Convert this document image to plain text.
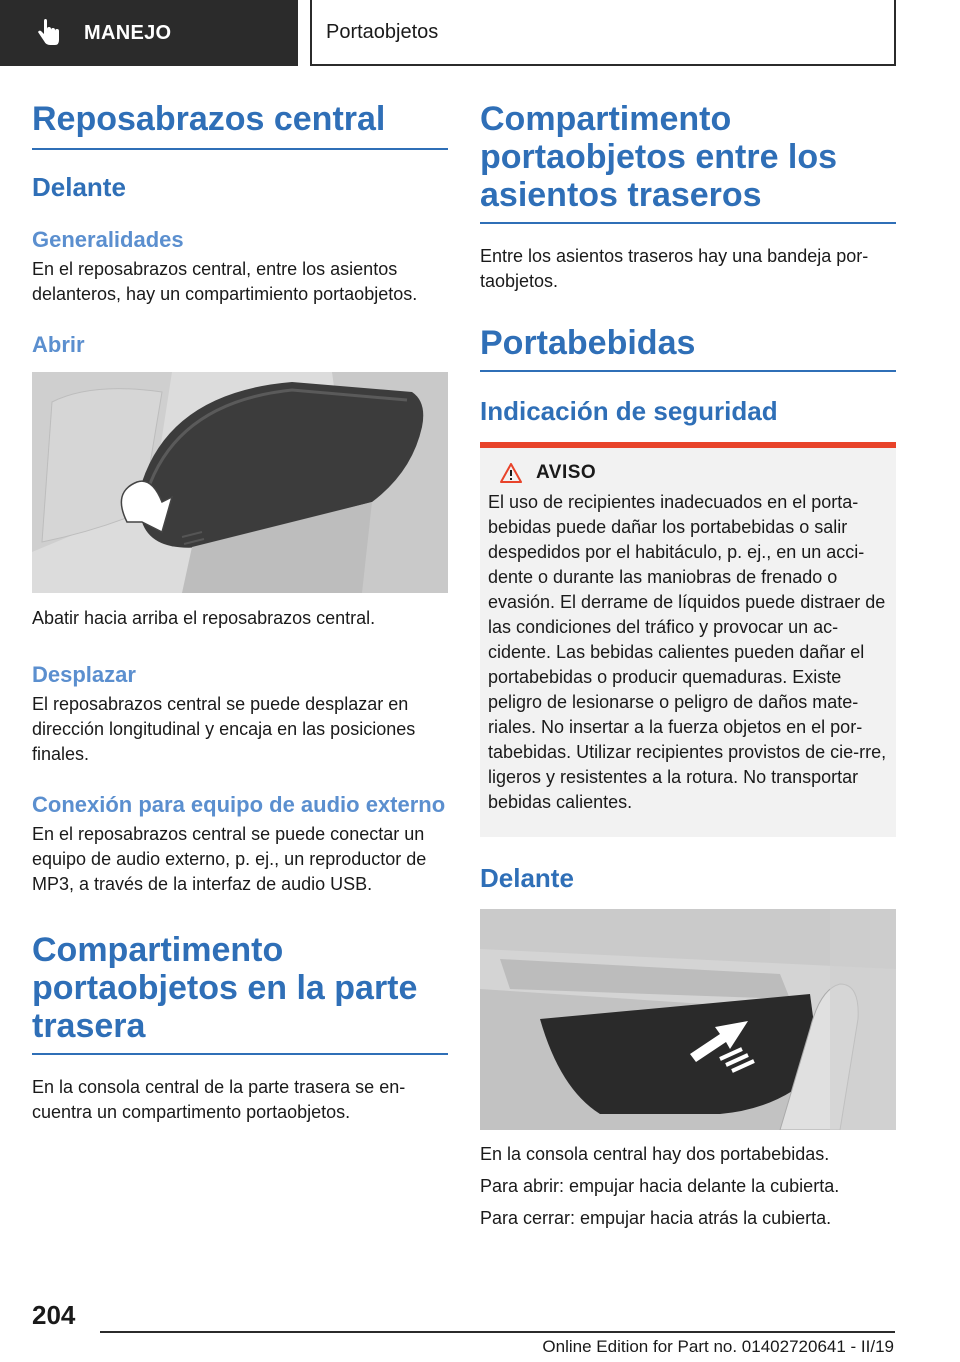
MANEJO	Portaobjetos
Reposabrazos central
Delante
Generalidades
En el reposabrazos central, entre los asientos delanteros, hay un compartimiento portaobjetos.
Abrir
Abatir hacia arriba el reposabrazos central.
Desplazar
El reposabrazos central se puede desplazar en dirección longitudinal y encaja en las posiciones finales.
Conexión para equipo de audio externo
En el reposabrazos central se puede conectar un equipo de audio externo, p. ej., un reproductor de MP3, a través de la interfaz de audio USB.
Compartimento portaobjetos en la parte trasera
En la consola central de la parte trasera se en‐cuentra un compartimento portaobjetos.
Compartimento portaobjetos entre los asientos traseros
Entre los asientos traseros hay una bandeja por‐taobjetos.
Portabebidas
Indicación de seguridad
AVISO
El uso de recipientes inadecuados en el porta‐bebidas puede dañar los portabebidas o salir despedidos por el habitáculo, p. ej., en un acci‐dente o durante las maniobras de frenado o evasión. El derrame de líquidos puede distraer de las condiciones del tráfico y provocar un ac‐cidente. Las bebidas calientes pueden dañar el portabebidas o producir quemaduras. Existe peligro de lesionarse o peligro de daños mate‐riales. No insertar a la fuerza objetos en el por‐tabebidas. Utilizar recipientes provistos de cie‐rre, ligeros y resistentes a la rotura. No transportar bebidas calientes.
Delante
En la consola central hay dos portabebidas.
Para abrir: empujar hacia delante la cubierta.
Para cerrar: empujar hacia atrás la cubierta.
204
Online Edition for Part no. 01402720641 - II/19
